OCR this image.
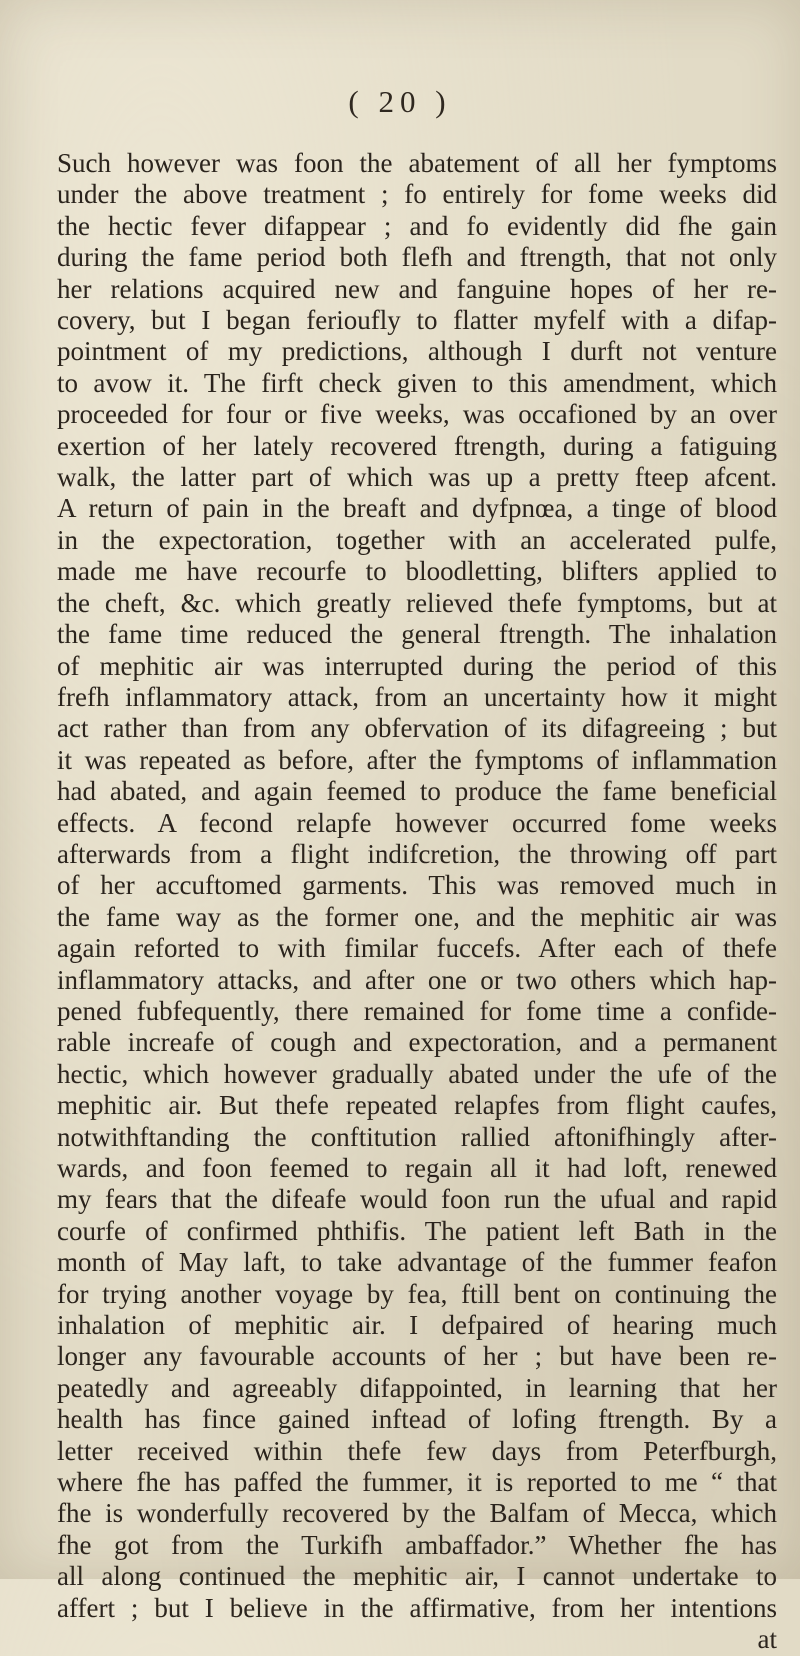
( 20 )
Such however was foon the abatement of all her fymptoms
under the above treatment ; fo entirely for fome weeks did
the hectic fever difappear ; and fo evidently did fhe gain
during the fame period both flefh and ftrength, that not only
her relations acquired new and fanguine hopes of her re-
covery, but I began ferioufly to flatter myfelf with a difap-
pointment of my predictions, although I durft not venture
to avow it. The firft check given to this amendment, which
proceeded for four or five weeks, was occafioned by an over
exertion of her lately recovered ftrength, during a fatiguing
walk, the latter part of which was up a pretty fteep afcent.
A return of pain in the breaft and dyfpnœa, a tinge of blood
in the expectoration, together with an accelerated pulfe,
made me have recourfe to bloodletting, blifters applied to
the cheft, &c. which greatly relieved thefe fymptoms, but at
the fame time reduced the general ftrength. The inhalation
of mephitic air was interrupted during the period of this
frefh inflammatory attack, from an uncertainty how it might
act rather than from any obfervation of its difagreeing ; but
it was repeated as before, after the fymptoms of inflammation
had abated, and again feemed to produce the fame beneficial
effects. A fecond relapfe however occurred fome weeks
afterwards from a flight indifcretion, the throwing off part
of her accuftomed garments. This was removed much in
the fame way as the former one, and the mephitic air was
again reforted to with fimilar fuccefs. After each of thefe
inflammatory attacks, and after one or two others which hap-
pened fubfequently, there remained for fome time a confide-
rable increafe of cough and expectoration, and a permanent
hectic, which however gradually abated under the ufe of the
mephitic air. But thefe repeated relapfes from flight caufes,
notwithftanding the conftitution rallied aftonifhingly after-
wards, and foon feemed to regain all it had loft, renewed
my fears that the difeafe would foon run the ufual and rapid
courfe of confirmed phthifis. The patient left Bath in the
month of May laft, to take advantage of the fummer feafon
for trying another voyage by fea, ftill bent on continuing the
inhalation of mephitic air. I defpaired of hearing much
longer any favourable accounts of her ; but have been re-
peatedly and agreeably difappointed, in learning that her
health has fince gained inftead of lofing ftrength. By a
letter received within thefe few days from Peterfburgh,
where fhe has paffed the fummer, it is reported to me “ that
fhe is wonderfully recovered by the Balfam of Mecca, which
fhe got from the Turkifh ambaffador.” Whether fhe has
all along continued the mephitic air, I cannot undertake to
affert ; but I believe in the affirmative, from her intentions
at
